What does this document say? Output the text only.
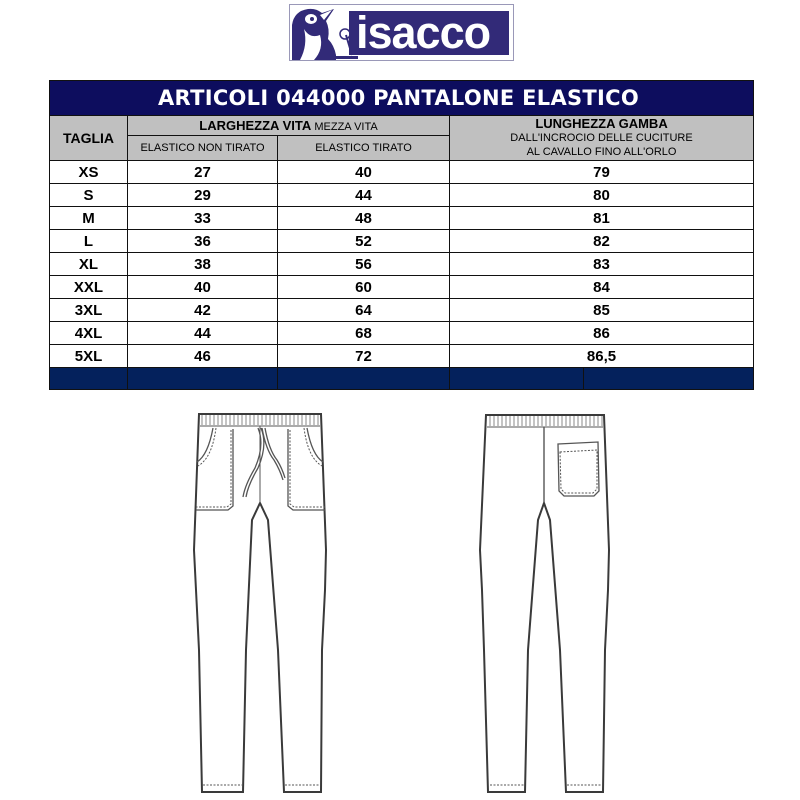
isacco
ARTICOLI 044000 PANTALONE ELASTICO				
TAGLIA	LARGHEZZA VITA MEZZA VITA		LUNGHEZZA GAMBA
DALL'INCROCIO DELLE CUCITURE
AL CAVALLO FINO ALL'ORLO	

	ELASTICO NON TIRATO	ELASTICO TIRATO		
XS	27	40	79	
S	29	44	80	
M	33	48	81	
L	36	52	82	
XL	38	56	83	
XXL	40	60	84	
3XL	42	64	85	
4XL	44	68	86	
5XL	46	72	86,5	
